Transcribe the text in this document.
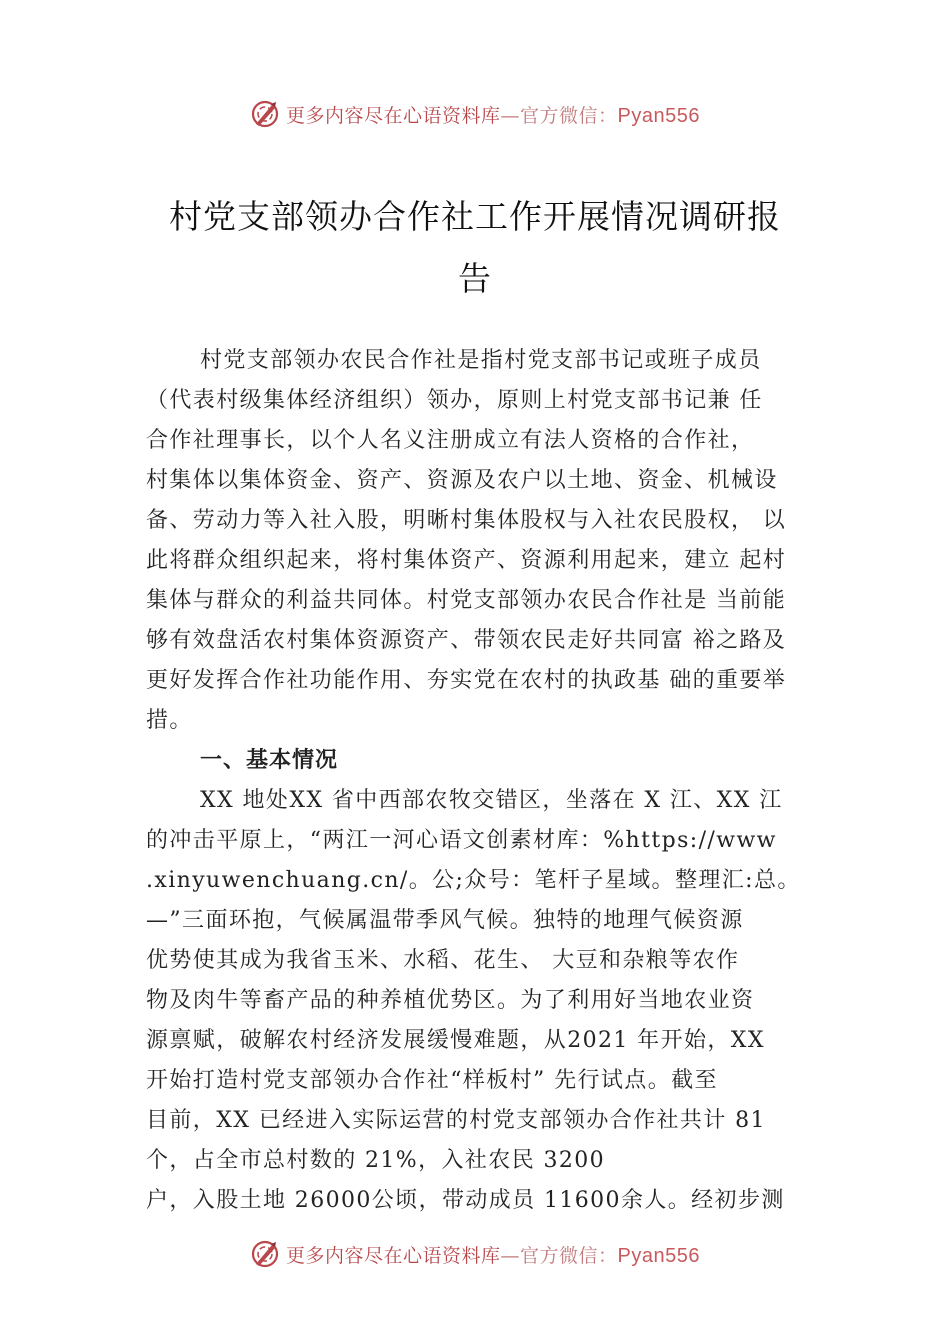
更多内容尽在心语资料库—官方微信：Pyan556
村党支部领办合作社工作开展情况调研报
告
村党支部领办农民合作社是指村党支部书记或班子成员
（代表村级集体经济组织）领办，原则上村党支部书记兼 任
合作社理事长，以个人名义注册成立有法人资格的合作社，
村集体以集体资金、资产、资源及农户以土地、资金、机械设
备、劳动力等入社入股，明晰村集体股权与入社农民股权， 以
此将群众组织起来，将村集体资产、资源利用起来，建立 起村
集体与群众的利益共同体。村党支部领办农民合作社是 当前能
够有效盘活农村集体资源资产、带领农民走好共同富 裕之路及
更好发挥合作社功能作用、夯实党在农村的执政基 础的重要举
措。
一、基本情况
XX 地处XX 省中西部农牧交错区，坐落在 X 江、XX 江
的冲击平原上，“两江一河心语文创素材库：%https://www
.xinyuwenchuang.cn/。公;众号：笔杆子星域。整理汇:总。
—”三面环抱，气候属温带季风气候。独特的地理气候资源
优势使其成为我省玉米、水稻、花生、 大豆和杂粮等农作
物及肉牛等畜产品的种养植优势区。为了利用好当地农业资
源禀赋，破解农村经济发展缓慢难题，从2021 年开始，XX
开始打造村党支部领办合作社“样板村” 先行试点。截至
目前，XX 已经进入实际运营的村党支部领办合作社共计 81
个，占全市总村数的 21%，入社农民 3200
户，入股土地 26000公顷，带动成员 11600余人。经初步测
更多内容尽在心语资料库—官方微信：Pyan556
